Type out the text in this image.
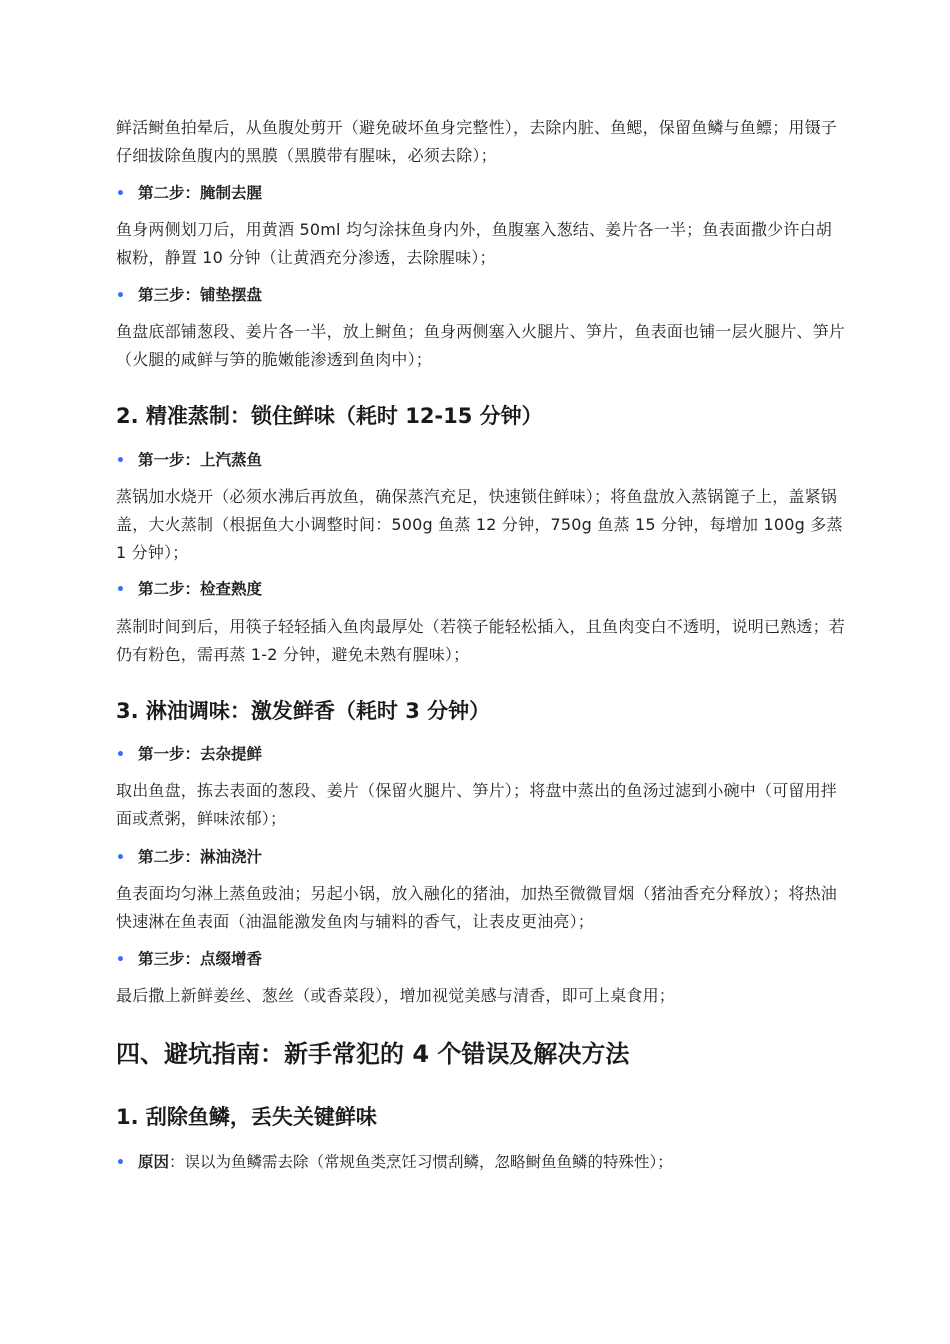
鲜活鲥鱼拍晕后，从鱼腹处剪开（避免破坏鱼身完整性），去除内脏、鱼鳃，保留鱼鳞与鱼鳔；用镊子仔细拔除鱼腹内的黑膜（黑膜带有腥味，必须去除）；

• 第二步：腌制去腥

鱼身两侧划刀后，用黄酒 50ml 均匀涂抹鱼身内外，鱼腹塞入葱结、姜片各一半；鱼表面撒少许白胡椒粉，静置 10 分钟（让黄酒充分渗透，去除腥味）；

• 第三步：铺垫摆盘

鱼盘底部铺葱段、姜片各一半，放上鲥鱼；鱼身两侧塞入火腿片、笋片，鱼表面也铺一层火腿片、笋片（火腿的咸鲜与笋的脆嫩能渗透到鱼肉中）；

2. 精准蒸制：锁住鲜味（耗时 12-15 分钟）

• 第一步：上汽蒸鱼

蒸锅加水烧开（必须水沸后再放鱼，确保蒸汽充足，快速锁住鲜味）；将鱼盘放入蒸锅篦子上，盖紧锅盖，大火蒸制（根据鱼大小调整时间：500g 鱼蒸 12 分钟，750g 鱼蒸 15 分钟，每增加 100g 多蒸 1 分钟）；

• 第二步：检查熟度

蒸制时间到后，用筷子轻轻插入鱼肉最厚处（若筷子能轻松插入，且鱼肉变白不透明，说明已熟透；若仍有粉色，需再蒸 1-2 分钟，避免未熟有腥味）；

3. 淋油调味：激发鲜香（耗时 3 分钟）

• 第一步：去杂提鲜

取出鱼盘，拣去表面的葱段、姜片（保留火腿片、笋片）；将盘中蒸出的鱼汤过滤到小碗中（可留用拌面或煮粥，鲜味浓郁）；

• 第二步：淋油浇汁

鱼表面均匀淋上蒸鱼豉油；另起小锅，放入融化的猪油，加热至微微冒烟（猪油香充分释放）；将热油快速淋在鱼表面（油温能激发鱼肉与辅料的香气，让表皮更油亮）；

• 第三步：点缀增香

最后撒上新鲜姜丝、葱丝（或香菜段），增加视觉美感与清香，即可上桌食用；

四、避坑指南：新手常犯的 4 个错误及解决方法
1. 刮除鱼鳞，丢失关键鲜味

• 原因：误以为鱼鳞需去除（常规鱼类烹饪习惯刮鳞，忽略鲥鱼鱼鳞的特殊性）；
